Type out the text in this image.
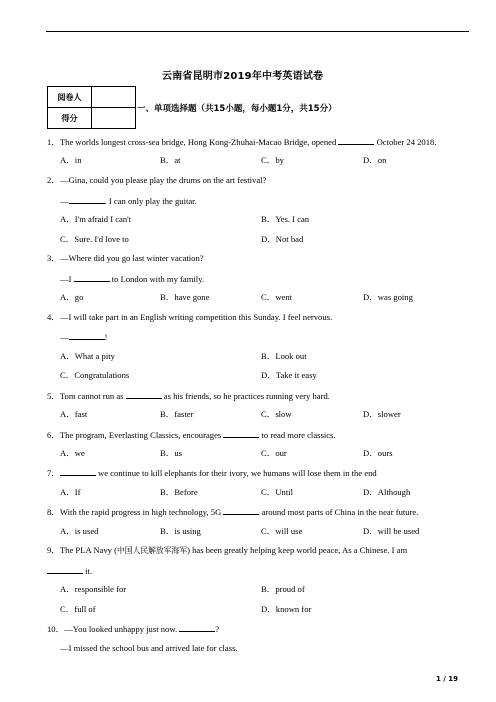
云南省昆明市2019年中考英语试卷
阅卷人	
得分	
一、单项选择题（共15小题，每小题1分，共15分）
1．The worlds longest cross-sea bridge, Hong Kong-Zhuhai-Macao Bridge, opened	October 24 2018.
A．in	B．at	C．by	D．on
2．—Gina, could you please play the drums on the art festival?
—	. I can only play the guitar.
A．I'm afraid I can't	B．Yes. I can
C．Sure. I'd love to	D．Not bad
3．—Where did you go last winter vacation?
—I	to London with my family.
A．go	B．have gone	C．went	D．was going
4．—I will take part in an English writing competition this Sunday. I feel nervous.
—	!
A．What a pity	B．Look out
C．Congratulations	D．Take it easy
5．Tom cannot run as	as his friends, so he practices running very hard.
A．fast	B．faster	C．slow	D．slower
6．The program, Everlasting Classics, encourages	to read more classics.
A．we	B．us	C．our	D．ours
7．	we continue to kill elephants for their ivory, we humans will lose them in the end
A．If	B．Before	C．Until	D．Although
8．With the rapid progress in high technology, 5G	around most parts of China in the near future.
A．is used	B．is using	C．will use	D．will be used
9．The PLA Navy (中国人民解放军海军) has been greatly helping keep world peace, As a Chinese. I am
it.
A．responsible for	B．proud of
C．full of	D．known for
10．—You looked unhappy just now.	?
—I missed the school bus and arrived late for class.
1 / 19
